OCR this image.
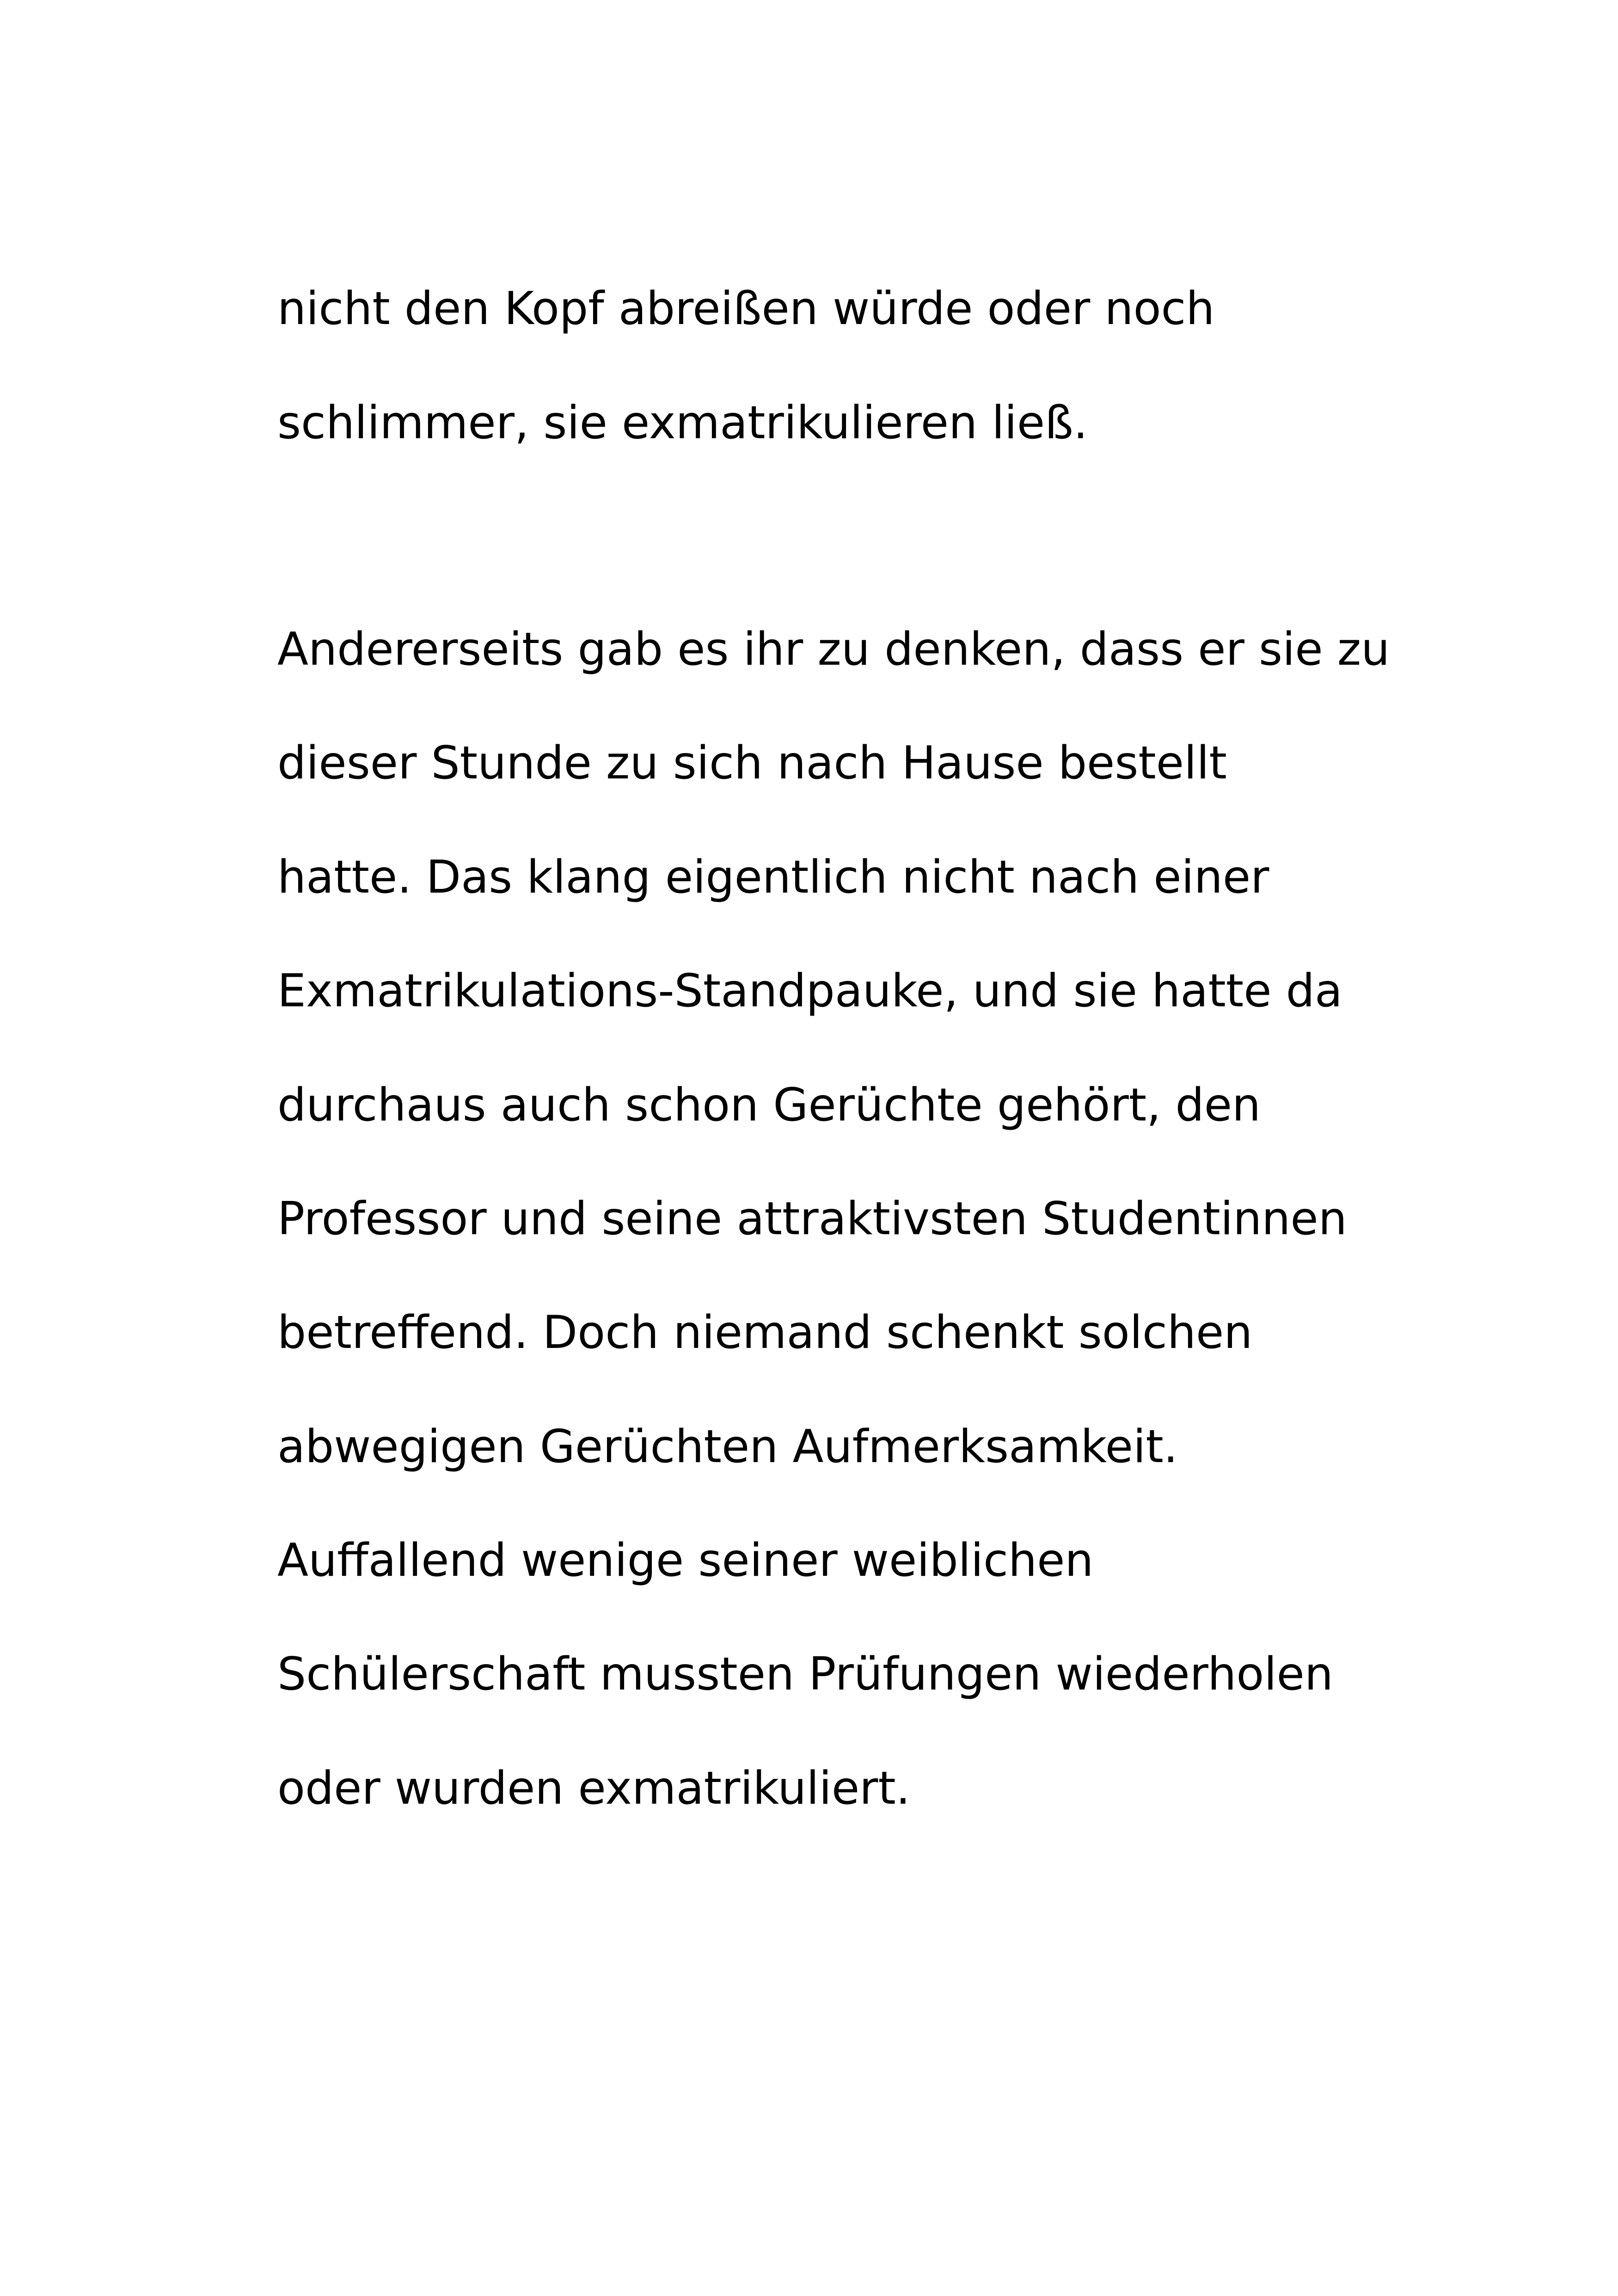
nicht den Kopf abreißen würde oder noch

schlimmer, sie exmatrikulieren ließ.

Andererseits gab es ihr zu denken, dass er sie zu

dieser Stunde zu sich nach Hause bestellt

hatte. Das klang eigentlich nicht nach einer

Exmatrikulations-Standpauke, und sie hatte da

durchaus auch schon Gerüchte gehört, den

Professor und seine attraktivsten Studentinnen

betreffend. Doch niemand schenkt solchen

abwegigen Gerüchten Aufmerksamkeit.

Auffallend wenige seiner weiblichen

Schülerschaft mussten Prüfungen wiederholen

oder wurden exmatrikuliert.
